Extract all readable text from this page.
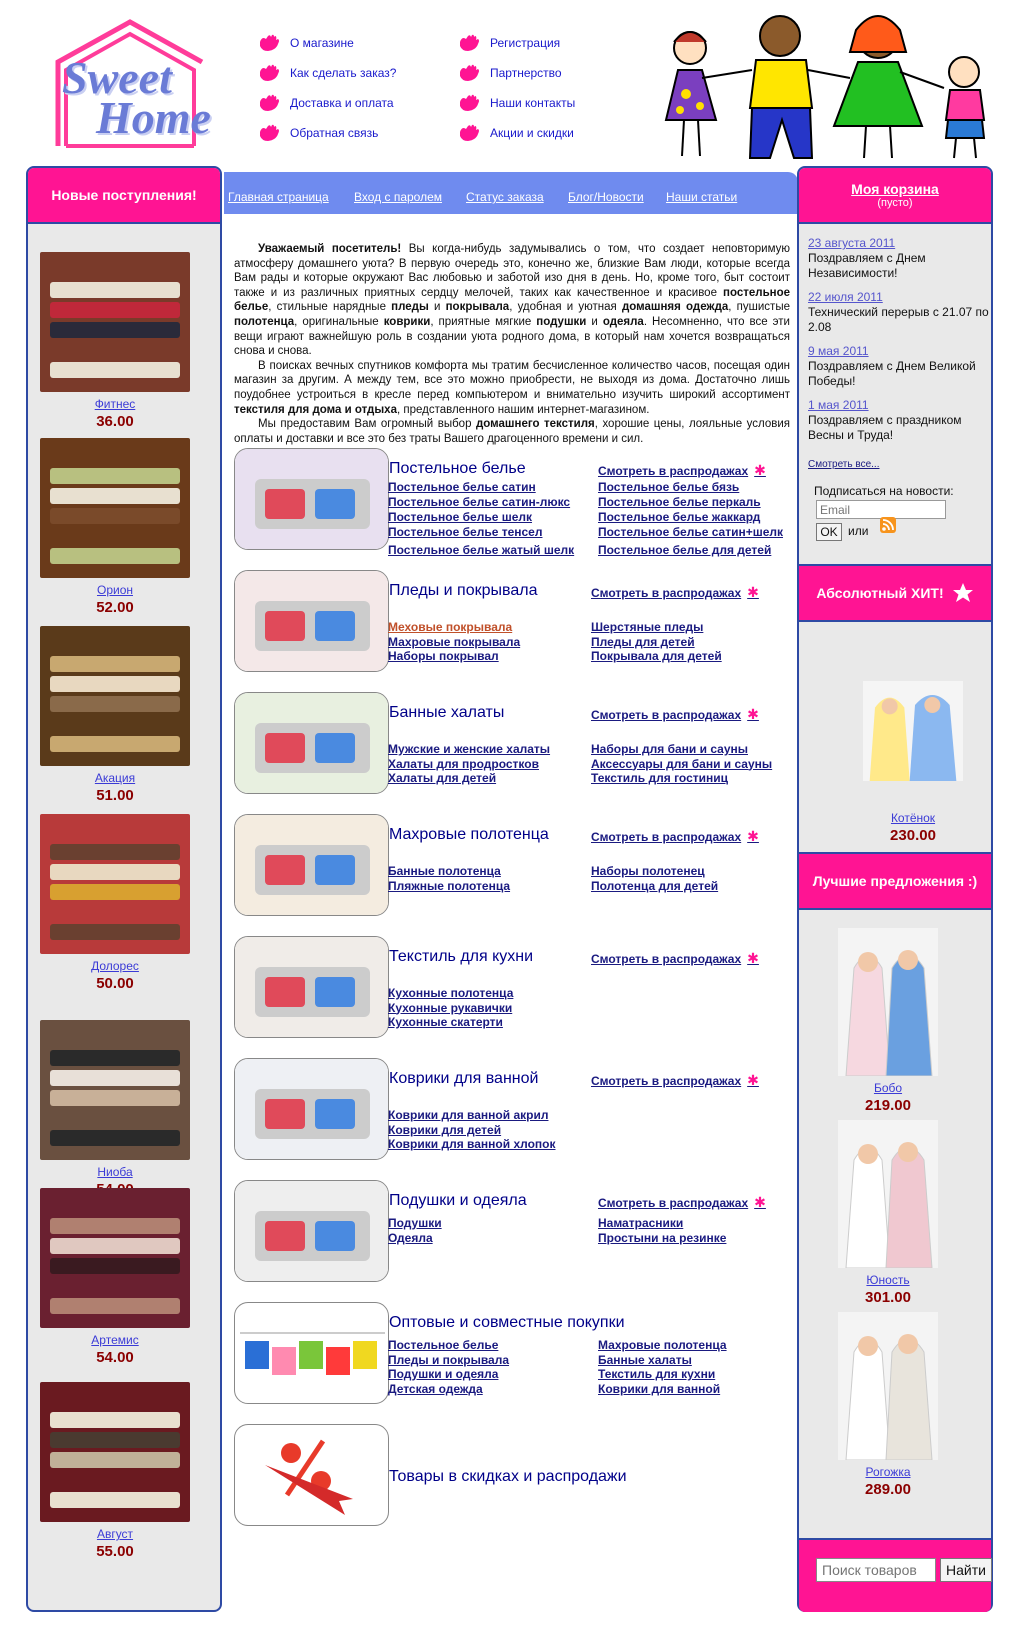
Sweet
Home
О магазине
Как сделать заказ?
Доставка и оплата
Обратная связь
Регистрация
Партнерство
Наши контакты
Акции и скидки
Новые поступления!
Фитнес
36.00
Орион
52.00
Акация
51.00
Долорес
50.00
Ниоба
Артемис
54.00
Август
55.00
Главная страница Вход с паролем Статус заказа Блог/Новости Наши статьи

Уважаемый посетитель! Вы когда-нибудь задумывались о том, что создает неповторимую атмосферу домашнего уюта? В первую очередь это, конечно же, близкие Вам люди, которые всегда Вам рады и которые окружают Вас любовью и заботой изо дня в день. Но, кроме того, быт состоит также и из различных приятных сердцу мелочей, таких как качественное и красивое постельное белье, стильные нарядные пледы и покрывала, удобная и уютная домашняя одежда, пушистые полотенца, оригинальные коврики, приятные мягкие подушки и одеяла. Несомненно, что все эти вещи играют важнейшую роль в создании уюта родного дома, в который нам хочется возвращаться снова и снова.

В поисках вечных спутников комфорта мы тратим бесчисленное количество часов, посещая один магазин за другим. А между тем, все это можно приобрести, не выходя из дома. Достаточно лишь поудобнее устроиться в кресле перед компьютером и внимательно изучить широкий ассортимент текстиля для дома и отдыха, представленного нашим интернет-магазином.

Мы предоставим Вам огромный выбор домашнего текстиля, хорошие цены, лояльные условия оплаты и доставки и все это без траты Вашего драгоценного времени и сил.

Постельное белье	Смотреть в распродажах ✱
Постельное белье сатин
Постельное белье сатин-люкс
Постельное белье шелк
Постельное белье тенсел
Постельное белье жатый шелк
Постельное белье бязь
Постельное белье перкаль
Постельное белье жаккард
Постельное белье сатин+шелк
Постельное белье для детей
Пледы и покрывала	Смотреть в распродажах ✱
Меховые покрывала
Махровые покрывала
Наборы покрывал
Шерстяные пледы
Пледы для детей
Покрывала для детей
Банные халаты	Смотреть в распродажах ✱
Мужские и женские халаты
Халаты для продростков
Халаты для детей
Наборы для бани и сауны
Аксессуары для бани и сауны
Текстиль для гостиниц
Махровые полотенца	Смотреть в распродажах ✱
Банные полотенца
Пляжные полотенца
Наборы полотенец
Полотенца для детей
Текстиль для кухни	Смотреть в распродажах ✱
Кухонные полотенца
Кухонные рукавички
Кухонные скатерти
Коврики для ванной	Смотреть в распродажах ✱
Коврики для ванной акрил
Коврики для детей
Коврики для ванной хлопок
Подушки и одеяла	Смотреть в распродажах ✱
Подушки
Одеяла
Наматрасники
Простыни на резинке
Оптовые и совместные покупки
Постельное белье
Пледы и покрывала
Подушки и одеяла
Детская одежда
Махровые полотенца
Банные халаты
Текстиль для кухни
Коврики для ванной
Товары в скидках и распродажи
Моя корзина
(пусто)
Абсолютный ХИТ!
Лучшие предложения :)
23 августа 2011
Поздравляем с Днем Независимости!
22 июля 2011
Технический перерыв с 21.07 по 2.08
9 мая 2011
Поздравляем с Днем Великой Победы!
1 мая 2011
Поздравляем с праздником Весны и Труда!
Смотреть все...
Подписаться на новости:
Email
OK или
Котёнок
230.00
Бобо
219.00
Юность
301.00
Рогожка
289.00
Поиск товаров
Найти
